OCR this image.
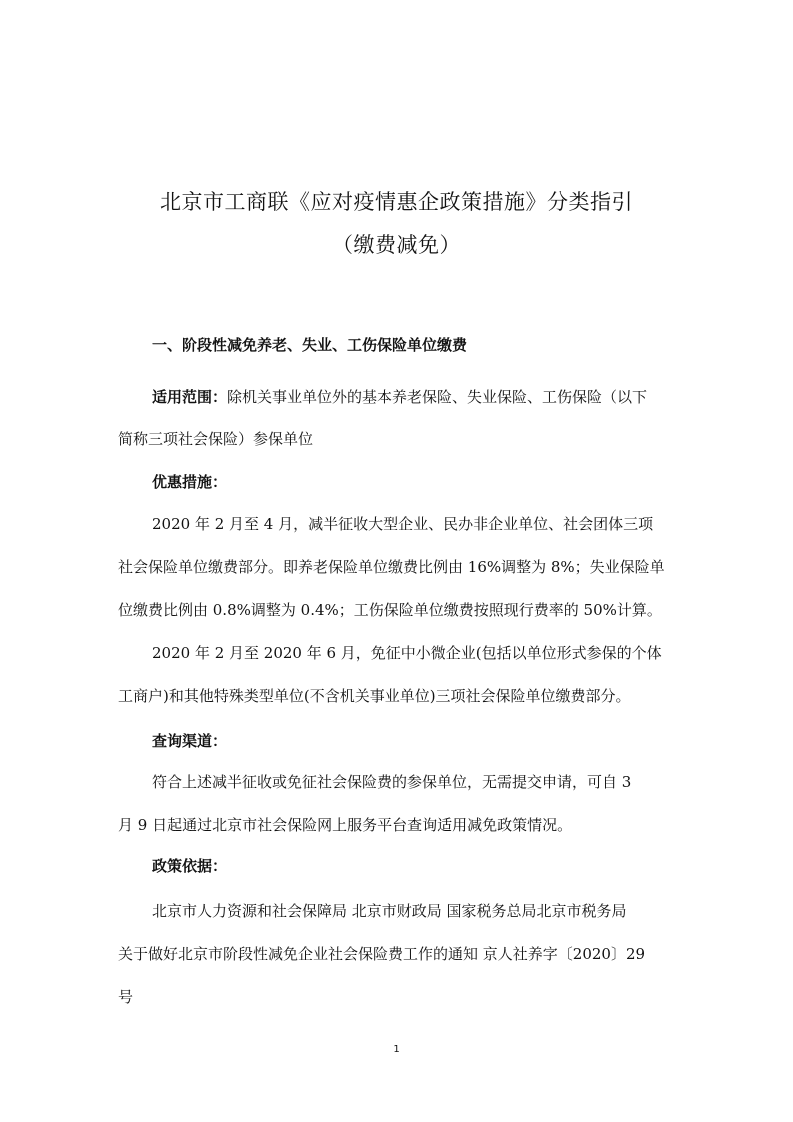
北京市工商联《应对疫情惠企政策措施》分类指引
（缴费减免）
一、阶段性减免养老、失业、工伤保险单位缴费
适用范围：除机关事业单位外的基本养老保险、失业保险、工伤保险（以下
简称三项社会保险）参保单位
优惠措施：
2020 年 2 月至 4 月，减半征收大型企业、民办非企业单位、社会团体三项
社会保险单位缴费部分。即养老保险单位缴费比例由 16%调整为 8%；失业保险单
位缴费比例由 0.8%调整为 0.4%；工伤保险单位缴费按照现行费率的 50%计算。
2020 年 2 月至 2020 年 6 月，免征中小微企业(包括以单位形式参保的个体
工商户)和其他特殊类型单位(不含机关事业单位)三项社会保险单位缴费部分。
查询渠道：
符合上述减半征收或免征社会保险费的参保单位，无需提交申请，可自 3
月 9 日起通过北京市社会保险网上服务平台查询适用减免政策情况。
政策依据：
北京市人力资源和社会保障局 北京市财政局 国家税务总局北京市税务局
关于做好北京市阶段性减免企业社会保险费工作的通知 京人社养字〔2020〕29
号
1
